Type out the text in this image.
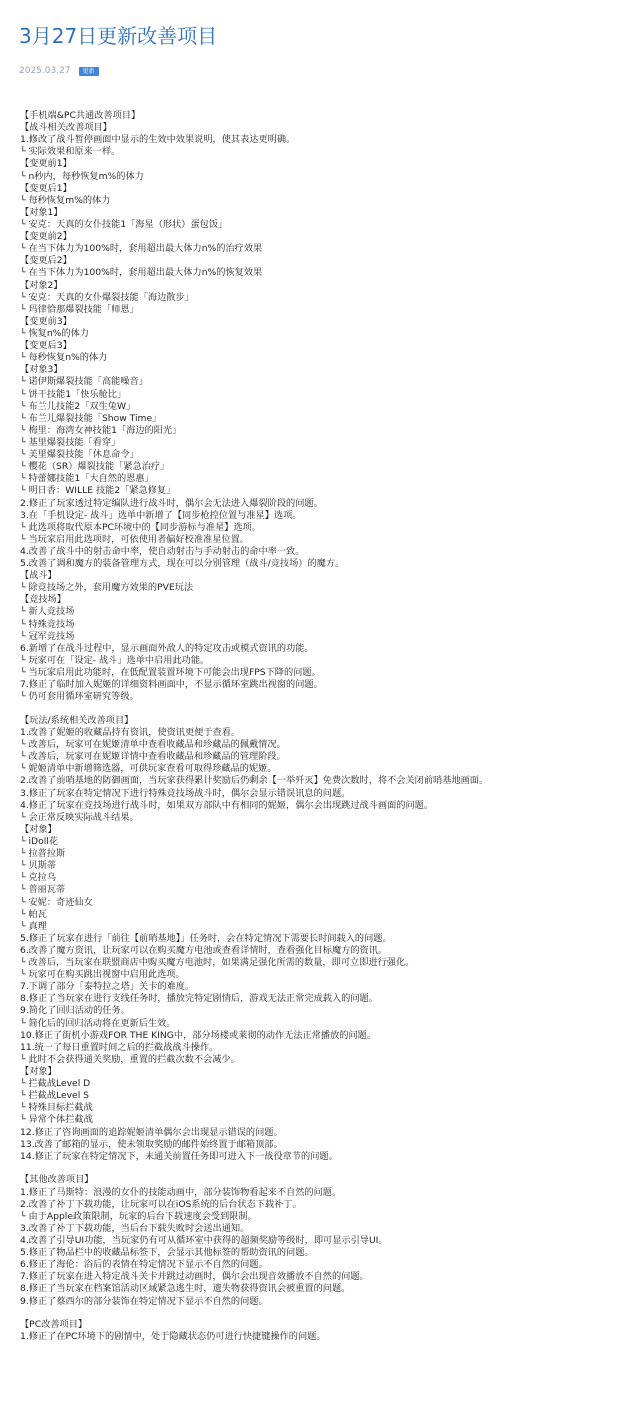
3月27日更新改善项目
2025.03.27	更新
【手机端&PC共通改善项目】
【战斗相关改善项目】
1.修改了战斗暂停画面中显示的生效中效果说明，使其表达更明确。
└ 实际效果和原来一样。
【变更前1】
└ n秒内，每秒恢复m%的体力
【变更后1】
└ 每秒恢复m%的体力
【对象1】
└ 安克：天真的女仆技能1「海星（形状）蛋包饭」
【变更前2】
└ 在当下体力为100%时，套用超出最大体力n%的治疗效果
【变更后2】
└ 在当下体力为100%时，套用超出最大体力n%的恢复效果
【对象2】
└ 安克：天真的女仆爆裂技能「海边散步」
└ 玛律恰那爆裂技能「师恩」
【变更前3】
└ 恢复n%的体力
【变更后3】
└ 每秒恢复n%的体力
【对象3】
└ 诺伊斯爆裂技能「高能噪音」
└ 饼干技能1「快乐舱比」
└ 布兰儿技能2「双生兔W」
└ 布兰儿爆裂技能「Show Time」
└ 梅里：海湾女神技能1「海边的阳光」
└ 基里爆裂技能「看穿」
└ 美里爆裂技能「休息命令」
└ 樱花（SR）爆裂技能「紧急治疗」
└ 特蕾娜技能1「大自然的恩惠」
└ 明日香：WILLE 技能2「紧急修复」
2.修正了玩家透过特定编队进行战斗时，偶尔会无法进入爆裂阶段的问题。
3.在「手机设定- 战斗」选单中新增了【同步枪控位置与准星】选项。
└ 此选项将取代原本PC环境中的【同步游标与准星】选项。
└ 当玩家启用此选项时，可依使用者偏好校准准星位置。
4.改善了战斗中的射击命中率，使自动射击与手动射击的命中率一致。
5.改善了调和魔方的装备管理方式，现在可以分别管理（战斗/竞技场）的魔方。
【战斗】
└ 除竞技场之外，套用魔方效果的PVE玩法
【竞技场】
└ 新人竞技场
└ 特殊竞技场
└ 冠军竞技场
6.新增了在战斗过程中，显示画面外敌人的特定攻击或模式资讯的功能。
└ 玩家可在「设定- 战斗」选单中启用此功能。
└ 当玩家启用此功能时，在低配置装置环境下可能会出现FPS下降的问题。
7.修正了临时加入妮姬的详细资料画面中，不显示循环室跳出视窗的问题。
└ 仍可套用循环室研究等级。
【玩法/系统相关改善项目】
1.改善了妮姬的收藏品持有资讯，使资讯更便于查看。
└ 改善后，玩家可在妮姬清单中查看收藏品和珍藏品的佩戴情况。
└ 改善后，玩家可在妮姬详情中查看收藏品和珍藏品的管理阶段。
└ 妮姬清单中新增筛选器，可供玩家查看可取得珍藏品的妮姬。
2.改善了前哨基地的防御画面，当玩家获得累计奖励后仍剩余【一举歼灭】免费次数时，将不会关闭前哨基地画面。
3.修正了玩家在特定情况下进行特殊竞技场战斗时，偶尔会显示错误讯息的问题。
4.修正了玩家在竞技场进行战斗时，如果双方部队中有相同的妮姬，偶尔会出现跳过战斗画面的问题。
└ 会正常反映实际战斗结果。
【对象】
└ iDoll花
└ 拉普拉斯
└ 贝斯蒂
└ 克拉乌
└ 普丽瓦蒂
└ 安妮：奇迹仙女
└ 帕瓦
└ 真理
5.修正了玩家在进行「前往【前哨基地】」任务时，会在特定情况下需要长时间载入的问题。
6.改善了魔方资讯，让玩家可以在购买魔方电池或查看详情时，查看强化目标魔方的资讯。
└ 改善后，当玩家在联盟商店中购买魔方电池时，如果满足强化所需的数量，即可立即进行强化。
└ 玩家可在购买跳出视窗中启用此选项。
7.下调了部分「泰特拉之塔」关卡的难度。
8.修正了当玩家在进行支线任务时，播放完特定剧情后，游戏无法正常完成载入的问题。
9.简化了回归活动的任务。
└ 简化后的回归活动将在更新后生效。
10.修正了街机小游戏FOR THE KING中，部分场楼或莱彻的动作无法正常播放的问题。
11.统一了每日重置时间之后的拦截战战斗操作。
└ 此时不会获得通关奖励，重置的拦截次数不会减少。
【对象】
└ 拦截战Level D
└ 拦截战Level S
└ 特殊目标拦截战
└ 异常个体拦截战
12.修正了咨询画面的追踪妮姬清单偶尔会出现显示错误的问题。
13.改善了邮箱的显示，使未领取奖励的邮件始终置于邮箱顶部。
14.修正了玩家在特定情况下，未通关前置任务即可进入下一战役章节的问题。
【其他改善项目】
1.修正了马斯特：浪漫的女仆的技能动画中，部分装饰物看起来不自然的问题。
2.改善了补丁下载功能，让玩家可以在iOS系统的后台状态下载补丁。
└ 由于Apple政策限制，玩家的后台下载速度会受到限制。
3.改善了补丁下载功能，当后台下载失败时会送出通知。
4.改善了引导UI功能，当玩家仍有可从循环室中获得的超频奖励等级时，即可显示引导UI。
5.修正了物品栏中的收藏品标签下，会显示其他标签的帮助资讯的问题。
6.修正了海伦：浴后的表情在特定情况下显示不自然的问题。
7.修正了玩家在进入特定战斗关卡并跳过动画时，偶尔会出现音效播放不自然的问题。
8.修正了当玩家在档案馆活动区域紧急逃生时，遗失物获得资讯会被重置的问题。
9.修正了蔡西尔的部分装饰在特定情况下显示不自然的问题。
【PC改善项目】
1.修正了在PC环境下的剧情中，处于隐藏状态仍可进行快捷键操作的问题。
